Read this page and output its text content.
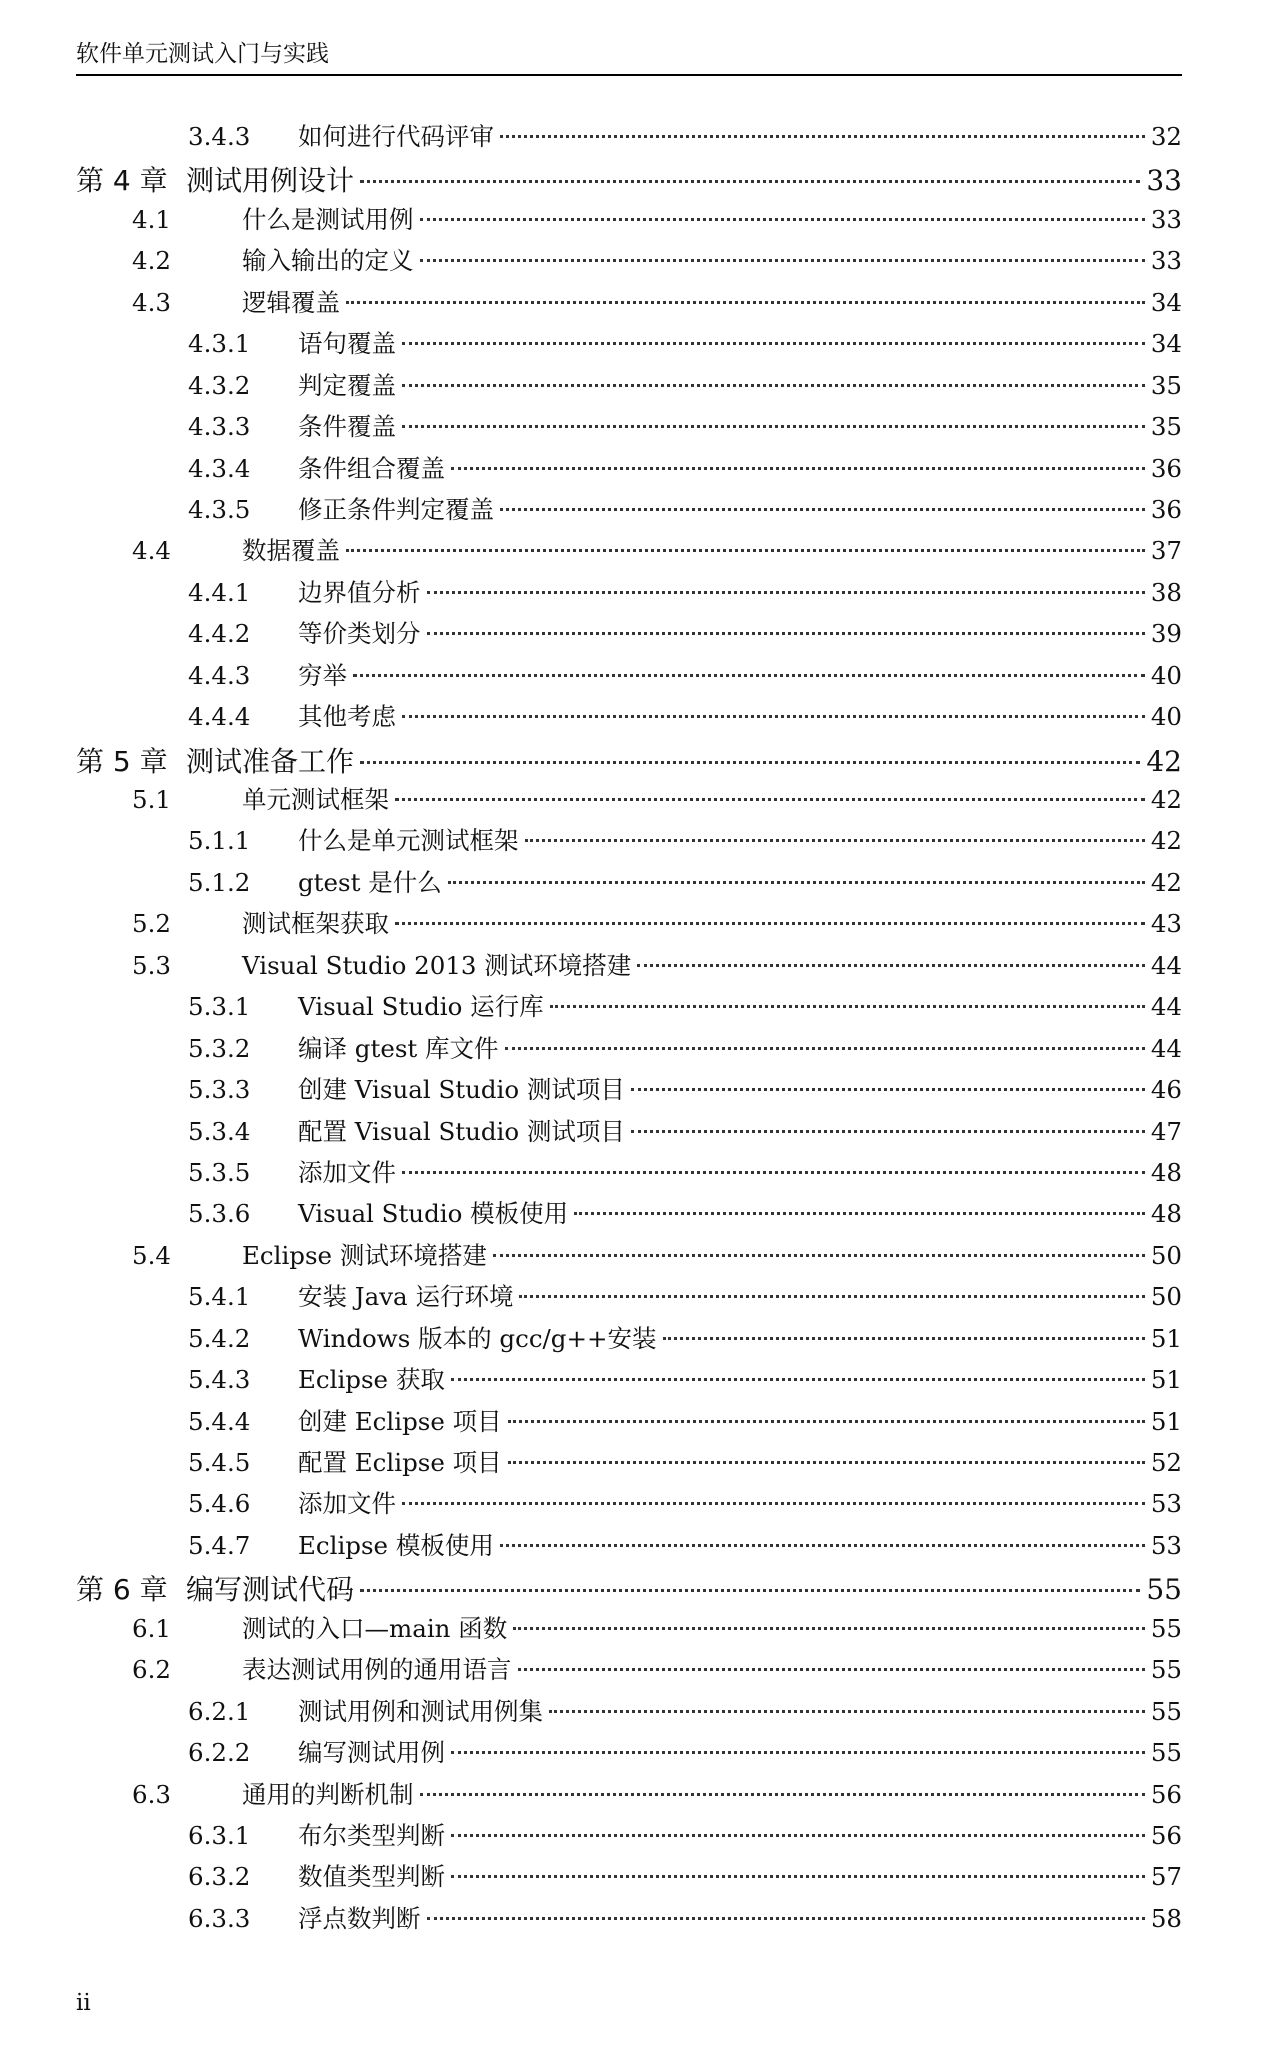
软件单元测试入门与实践
3.4.3	如何进行代码评审	32
第 4 章 测试用例设计	33
4.1	什么是测试用例	33
4.2	输入输出的定义	33
4.3	逻辑覆盖	34
4.3.1	语句覆盖	34
4.3.2	判定覆盖	35
4.3.3	条件覆盖	35
4.3.4	条件组合覆盖	36
4.3.5	修正条件判定覆盖	36
4.4	数据覆盖	37
4.4.1	边界值分析	38
4.4.2	等价类划分	39
4.4.3	穷举	40
4.4.4	其他考虑	40
第 5 章 测试准备工作	42
5.1	单元测试框架	42
5.1.1	什么是单元测试框架	42
5.1.2	gtest 是什么	42
5.2	测试框架获取	43
5.3	Visual Studio 2013 测试环境搭建	44
5.3.1	Visual Studio 运行库	44
5.3.2	编译 gtest 库文件	44
5.3.3	创建 Visual Studio 测试项目	46
5.3.4	配置 Visual Studio 测试项目	47
5.3.5	添加文件	48
5.3.6	Visual Studio 模板使用	48
5.4	Eclipse 测试环境搭建	50
5.4.1	安装 Java 运行环境	50
5.4.2	Windows 版本的 gcc/g++安装	51
5.4.3	Eclipse 获取	51
5.4.4	创建 Eclipse 项目	51
5.4.5	配置 Eclipse 项目	52
5.4.6	添加文件	53
5.4.7	Eclipse 模板使用	53
第 6 章 编写测试代码	55
6.1	测试的入口—main 函数	55
6.2	表达测试用例的通用语言	55
6.2.1	测试用例和测试用例集	55
6.2.2	编写测试用例	55
6.3	通用的判断机制	56
6.3.1	布尔类型判断	56
6.3.2	数值类型判断	57
6.3.3	浮点数判断	58
ii
